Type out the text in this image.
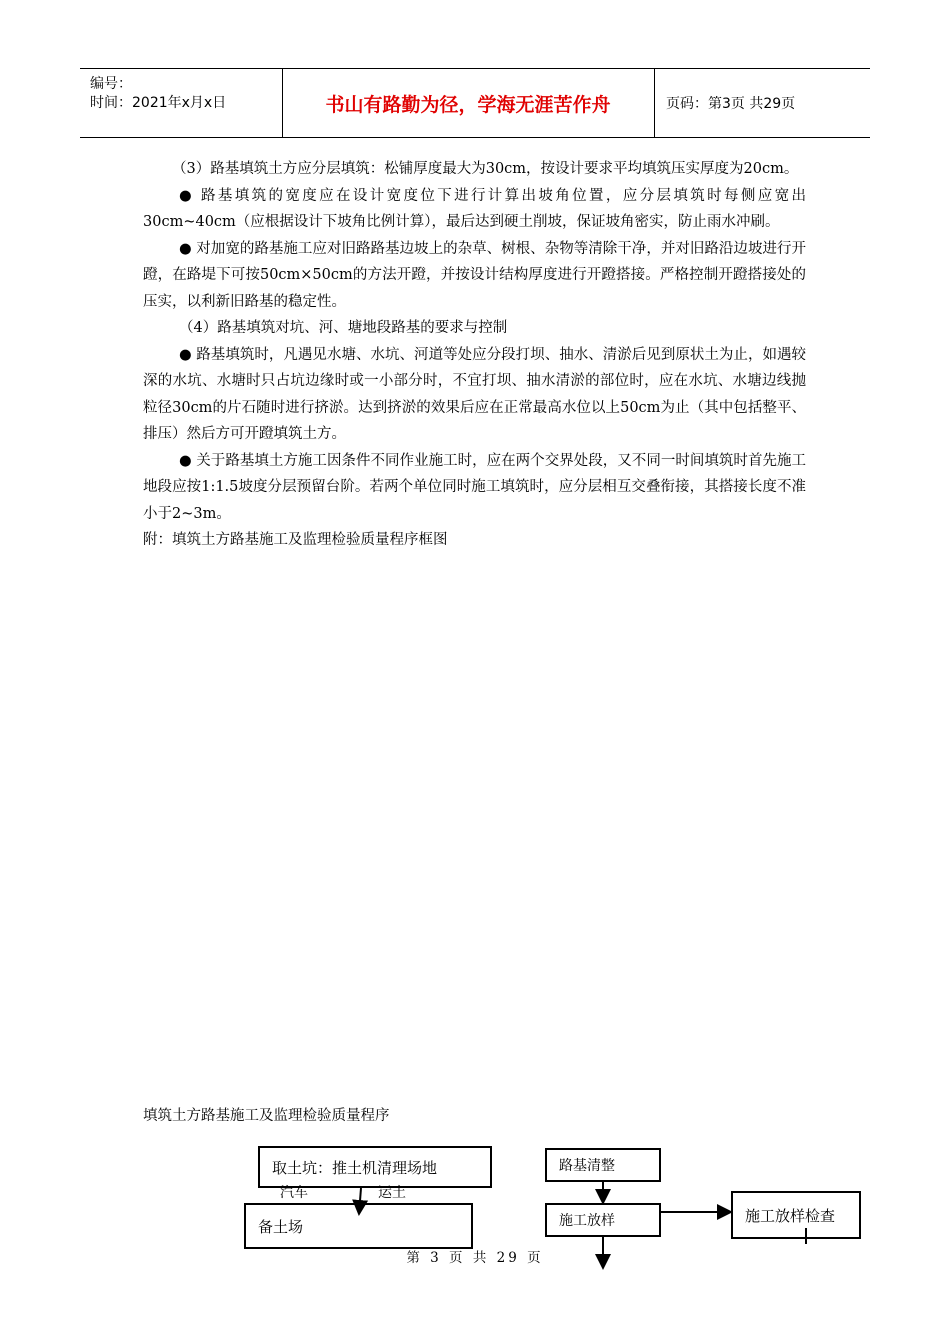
编号：
时间：2021年x月x日	书山有路勤为径，学海无涯苦作舟	页码：第3页 共29页

（3）路基填筑土方应分层填筑：松铺厚度最大为30cm，按设计要求平均填筑压实厚度为20cm。

● 路基填筑的宽度应在设计宽度位下进行计算出坡角位置，应分层填筑时每侧应宽出30cm~40cm（应根据设计下坡角比例计算），最后达到硬土削坡，保证坡角密实，防止雨水冲刷。

● 对加宽的路基施工应对旧路路基边坡上的杂草、树根、杂物等清除干净，并对旧路沿边坡进行开蹬，在路堤下可按50cm×50cm的方法开蹬，并按设计结构厚度进行开蹬搭接。严格控制开蹬搭接处的压实，以利新旧路基的稳定性。

（4）路基填筑对坑、河、塘地段路基的要求与控制

● 路基填筑时，凡遇见水塘、水坑、河道等处应分段打坝、抽水、清淤后见到原状土为止，如遇较深的水坑、水塘时只占坑边缘时或一小部分时，不宜打坝、抽水清淤的部位时，应在水坑、水塘边线抛粒径30cm的片石随时进行挤淤。达到挤淤的效果后应在正常最高水位以上50cm为止（其中包括整平、排压）然后方可开蹬填筑土方。

● 关于路基填土方施工因条件不同作业施工时，应在两个交界处段，又不同一时间填筑时首先施工地段应按1:1.5坡度分层预留台阶。若两个单位同时施工填筑时，应分层相互交叠衔接，其搭接长度不准小于2~3m。

附：填筑土方路基施工及监理检验质量程序框图

填筑土方路基施工及监理检验质量程序
取土坑：推土机清理场地
汽车	运土
备土场
路基清整
施工放样	施工放样检查
第 3 页 共 29 页
